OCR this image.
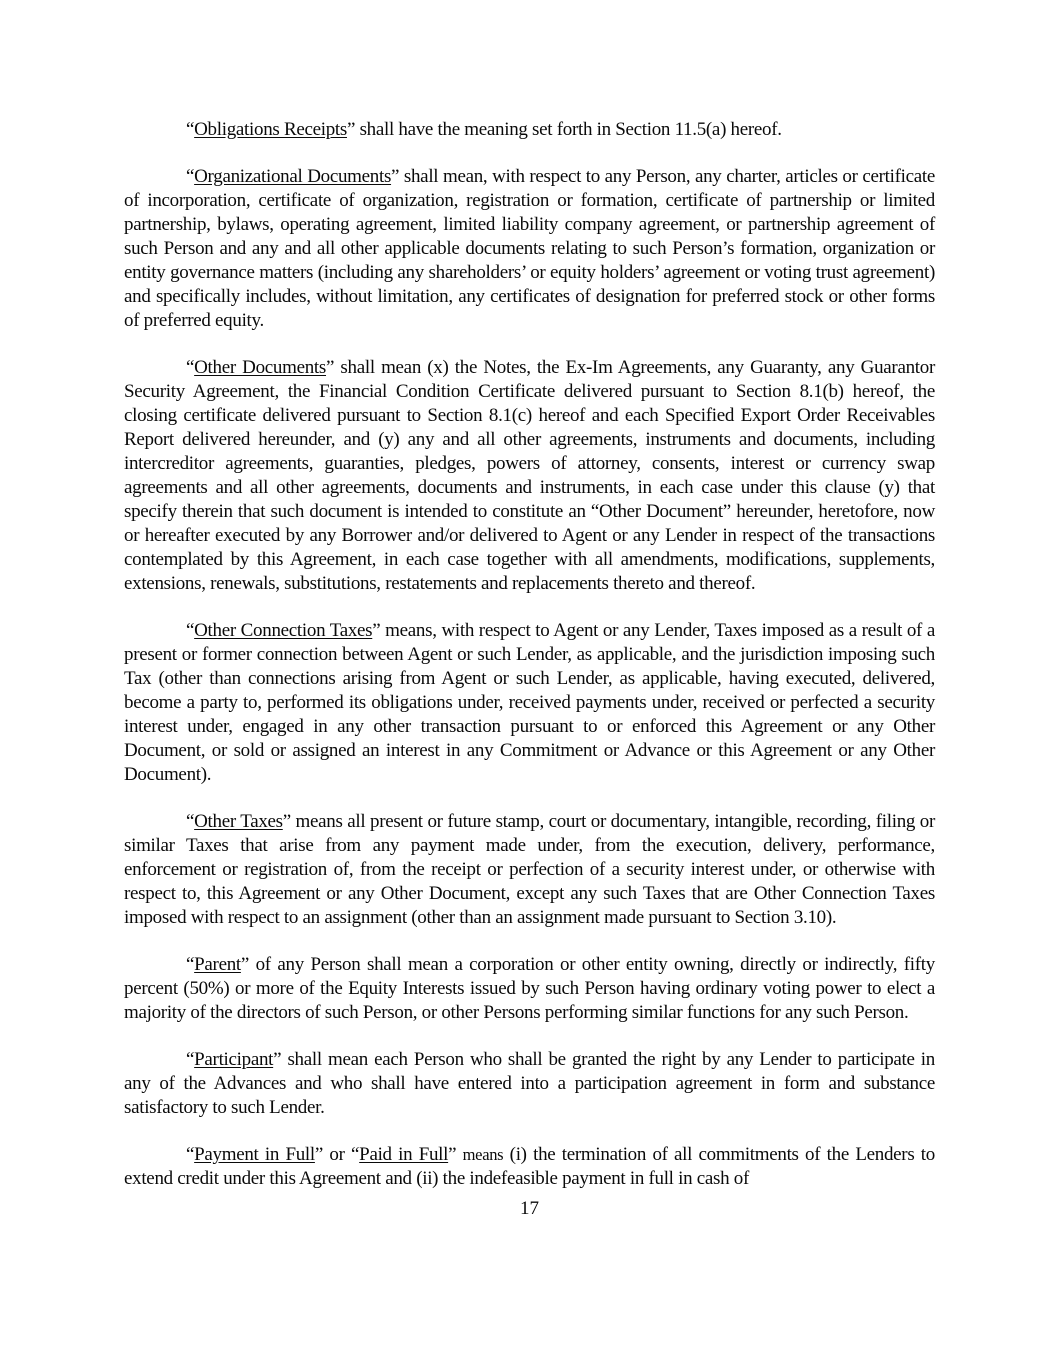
“Obligations Receipts” shall have the meaning set forth in Section 11.5(a) hereof.

“Organizational Documents” shall mean, with respect to any Person, any charter, articles or certificate of incorporation, certificate of organization, registration or formation, certificate of partnership or limited partnership, bylaws, operating agreement, limited liability company agreement, or partnership agreement of such Person and any and all other applicable documents relating to such Person’s formation, organization or entity governance matters (including any shareholders’ or equity holders’ agreement or voting trust agreement) and specifically includes, without limitation, any certificates of designation for preferred stock or other forms of preferred equity.

“Other Documents” shall mean (x) the Notes, the Ex-Im Agreements, any Guaranty, any Guarantor Security Agreement, the Financial Condition Certificate delivered pursuant to Section 8.1(b) hereof, the closing certificate delivered pursuant to Section 8.1(c) hereof and each Specified Export Order Receivables Report delivered hereunder, and (y) any and all other agreements, instruments and documents, including intercreditor agreements, guaranties, pledges, powers of attorney, consents, interest or currency swap agreements and all other agreements, documents and instruments, in each case under this clause (y) that specify therein that such document is intended to constitute an “Other Document” hereunder, heretofore, now or hereafter executed by any Borrower and/or delivered to Agent or any Lender in respect of the transactions contemplated by this Agreement, in each case together with all amendments, modifications, supplements, extensions, renewals, substitutions, restatements and replacements thereto and thereof.

“Other Connection Taxes” means, with respect to Agent or any Lender, Taxes imposed as a result of a present or former connection between Agent or such Lender, as applicable, and the jurisdiction imposing such Tax (other than connections arising from Agent or such Lender, as applicable, having executed, delivered, become a party to, performed its obligations under, received payments under, received or perfected a security interest under, engaged in any other transaction pursuant to or enforced this Agreement or any Other Document, or sold or assigned an interest in any Commitment or Advance or this Agreement or any Other Document).

“Other Taxes” means all present or future stamp, court or documentary, intangible, recording, filing or similar Taxes that arise from any payment made under, from the execution, delivery, performance, enforcement or registration of, from the receipt or perfection of a security interest under, or otherwise with respect to, this Agreement or any Other Document, except any such Taxes that are Other Connection Taxes imposed with respect to an assignment (other than an assignment made pursuant to Section 3.10).

“Parent” of any Person shall mean a corporation or other entity owning, directly or indirectly, fifty percent (50%) or more of the Equity Interests issued by such Person having ordinary voting power to elect a majority of the directors of such Person, or other Persons performing similar functions for any such Person.

“Participant” shall mean each Person who shall be granted the right by any Lender to participate in any of the Advances and who shall have entered into a participation agreement in form and substance satisfactory to such Lender.

“Payment in Full” or “Paid in Full” means (i) the termination of all commitments of the Lenders to extend credit under this Agreement and (ii) the indefeasible payment in full in cash of

17
